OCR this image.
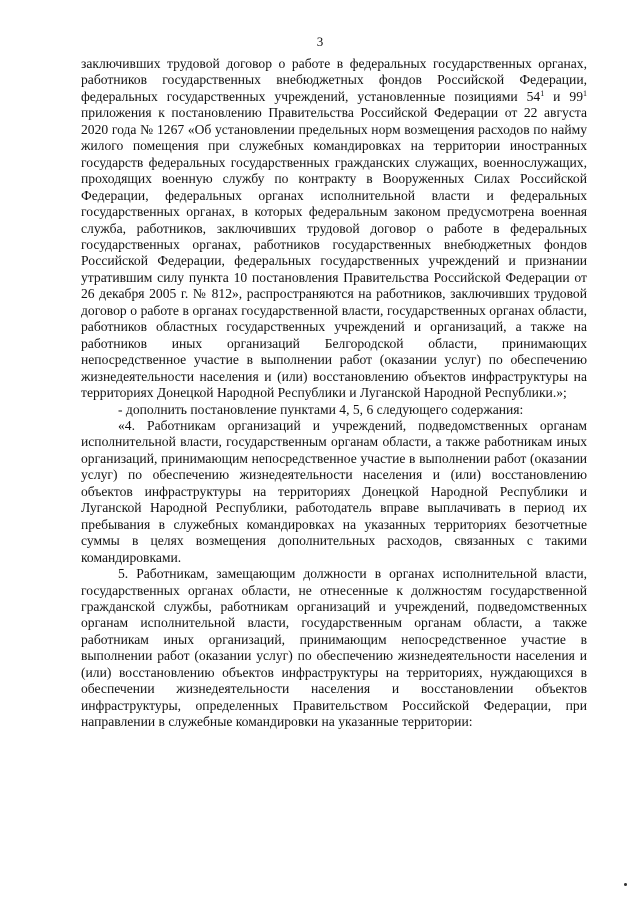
3

заключивших трудовой договор о работе в федеральных государственных органах, работников государственных внебюджетных фондов Российской Федерации, федеральных государственных учреждений, установленные позициями $54^1$ и $99^1$ приложения к постановлению Правительства Российской Федерации от 22 августа 2020 года № 1267 «Об установлении предельных норм возмещения расходов по найму жилого помещения при служебных командировках на территории иностранных государств федеральных государственных гражданских служащих, военнослужащих, проходящих военную службу по контракту в Вооруженных Силах Российской Федерации, федеральных органах исполнительной власти и федеральных государственных органах, в которых федеральным законом предусмотрена военная служба, работников, заключивших трудовой договор о работе в федеральных государственных органах, работников государственных внебюджетных фондов Российской Федерации, федеральных государственных учреждений и признании утратившим силу пункта 10 постановления Правительства Российской Федерации от 26 декабря 2005 г. № 812», распространяются на работников, заключивших трудовой договор о работе в органах государственной власти, государственных органах области, работников областных государственных учреждений и организаций, а также на работников иных организаций Белгородской области, принимающих непосредственное участие в выполнении работ (оказании услуг) по обеспечению жизнедеятельности населения и (или) восстановлению объектов инфраструктуры на территориях Донецкой Народной Республики и Луганской Народной Республики.»;

- дополнить постановление пунктами 4, 5, 6 следующего содержания:

«4. Работникам организаций и учреждений, подведомственных органам исполнительной власти, государственным органам области, а также работникам иных организаций, принимающим непосредственное участие в выполнении работ (оказании услуг) по обеспечению жизнедеятельности населения и (или) восстановлению объектов инфраструктуры на территориях Донецкой Народной Республики и Луганской Народной Республики, работодатель вправе выплачивать в период их пребывания в служебных командировках на указанных территориях безотчетные суммы в целях возмещения дополнительных расходов, связанных с такими командировками.

5. Работникам, замещающим должности в органах исполнительной власти, государственных органах области, не отнесенные к должностям государственной гражданской службы, работникам организаций и учреждений, подведомственных органам исполнительной власти, государственным органам области, а также работникам иных организаций, принимающим непосредственное участие в выполнении работ (оказании услуг) по обеспечению жизнедеятельности населения и (или) восстановлению объектов инфраструктуры на территориях, нуждающихся в обеспечении жизнедеятельности населения и восстановлении объектов инфраструктуры, определенных Правительством Российской Федерации, при направлении в служебные командировки на указанные территории:
